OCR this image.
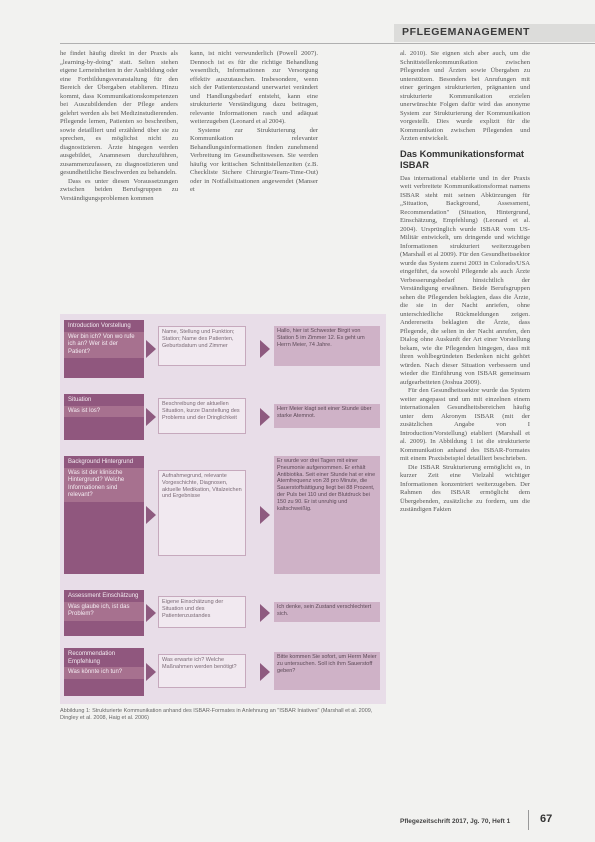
PFLEGEMANAGEMENT

he findet häufig direkt in der Praxis als „learning-by-doing" statt. Selten stehen eigene Lerneinheiten in der Ausbildung oder eine Fortbildungsveranstaltung für den Bereich der Übergaben etablieren. Hinzu kommt, dass Kommunikationskompetenzen bei Auszubildenden der Pflege anders gelehrt werden als bei Medizinstudierenden. Pflegende lernen, Patienten so beschreiben, sowie detailliert und erzählend über sie zu sprechen, es möglichst nicht zu diagnostizieren. Ärzte hingegen werden ausgebildet, Anamnesen durchzuführen, zusammenzufassen, zu diagnostizieren und gesundheitliche Beschwerden zu behandeln.

Dass es unter diesen Voraussetzungen zwischen beiden Berufsgruppen zu Verständigungsproblemen kommen

kann, ist nicht verwunderlich (Powell 2007). Dennoch ist es für die richtige Behandlung wesentlich, Informationen zur Versorgung effektiv auszutauschen. Insbesondere, wenn sich der Patientenzustand unerwartet verändert und Handlungsbedarf entsteht, kann eine strukturierte Verständigung dazu beitragen, relevante Informationen rasch und adäquat weiterzugeben (Leonard et al 2004).

Systeme zur Strukturierung der Kommunikation relevanter Behandlungsinformationen finden zunehmend Verbreitung im Gesundheitswesen. Sie werden häufig vor kritischen Schnittstellenzeiten (z.B. Checkliste Sichere Chirurgie/Team-Time-Out) oder in Notfallsituationen angewendet (Manser et

al. 2010). Sie eignen sich aber auch, um die Schnittstellenkommunikation zwischen Pflegenden und Ärzten sowie Übergaben zu unterstützen. Besonders bei Anrufungen mit einer geringen strukturierten, prägnanten und strukturierte Kommunikation erzielen unerwünschte Folgen dafür wird das anonyme System zur Strukturierung der Kommunikation vorgestellt. Dies wurde explizit für die Kommunikation zwischen Pflegenden und Ärzten entwickelt.

Das Kommunikationsformat ISBAR

Das international etablierte und in der Praxis weit verbreitete Kommunikationsformat namens ISBAR steht mit seinen Abkürzungen für „Situation, Background, Assessment, Recommendation" (Situation, Hintergrund, Einschätzung, Empfehlung) (Leonard et al. 2004). Ursprünglich wurde ISBAR vom US-Militär entwickelt, um dringende und wichtige Informationen strukturiert weiterzugeben (Marshall et al 2009). Für den Gesundheitssektor wurde das System zuerst 2003 in Colorado/USA eingeführt, da sowohl Pflegende als auch Ärzte Verbesserungsbedarf hinsichtlich der Verständigung erwähnen. Beide Berufsgruppen sehen die Pflegenden beklagten, dass die Ärzte, die sie in der Nacht anriefen, ohne unterschiedliche Rückmeldungen zeigen. Andererseits beklagten die Ärzte, dass Pflegende, die selten in der Nacht anrufen, den Dialog ohne Auskunft der Art einer Vorstellung bekam, wie die Pflegenden hingegen, dass mit ihren wohlbegründeten Bedenken nicht gehört würden. Nach dieser Situation verbessern und wieder die Einführung von ISBAR gemeinsam aufgearbeiteten (Joshua 2009).

Für den Gesundheitssektor wurde das System weiter angepasst und um mit einzelnen einem internationalen Gesundheitsbereichen häufig unter dem Akronym ISBAR (mit der zusätzlichen Angabe von I Introduction/Vorstellung) etabliert (Marshall et al. 2009). In Abbildung 1 ist die strukturierte Kommunikation anhand des ISBAR-Formates mit einem Praxisbeispiel detailliert beschrieben.

Die ISBAR Strukturierung ermöglicht es, in kurzer Zeit eine Vielzahl wichtiger Informationen konzentriert weiterzugeben. Der Rahmen des ISBAR ermöglicht dem Übergebenden, zusätzliche zu fordern, um die zuständigen Fakten

Introduction Vorstellung
Wer bin ich? Von wo rufe ich an? Wer ist der Patient?
Name, Stellung und Funktion; Station; Name des Patienten, Geburtsdatum und Zimmer
Hallo, hier ist Schwester Birgit von Station 5 im Zimmer 12. Es geht um Herrn Meier, 74 Jahre.
Situation
Was ist los?
Beschreibung der aktuellen Situation, kurze Darstellung des Problems und der Dringlichkeit
Herr Meier klagt seit einer Stunde über starke Atemnot.
Background Hintergrund
Was ist der klinische Hintergrund? Welche Informationen sind relevant?
Aufnahmegrund, relevante Vorgeschichte, Diagnosen, aktuelle Medikation, Vitalzeichen und Ergebnisse
Er wurde vor drei Tagen mit einer Pneumonie aufgenommen. Er erhält Antibiotika. Seit einer Stunde hat er eine Atemfrequenz von 28 pro Minute, die Sauerstoffsättigung liegt bei 88 Prozent, der Puls bei 110 und der Blutdruck bei 150 zu 90. Er ist unruhig und kaltschweißig.
Assessment Einschätzung
Was glaube ich, ist das Problem?
Eigene Einschätzung der Situation und des Patientenzustandes
Ich denke, sein Zustand verschlechtert sich.
Recommendation Empfehlung
Was könnte ich tun?
Was erwarte ich? Welche Maßnahmen werden benötigt?
Bitte kommen Sie sofort, um Herrn Meier zu untersuchen. Soll ich ihm Sauerstoff geben?
Abbildung 1: Strukturierte Kommunikation anhand des ISBAR-Formates in Anlehnung an "ISBAR Iniatives" (Marshall et al. 2009, Dingley et al. 2008, Haig et al. 2006)
Pflegezeitschrift 2017, Jg. 70, Heft 1	67
